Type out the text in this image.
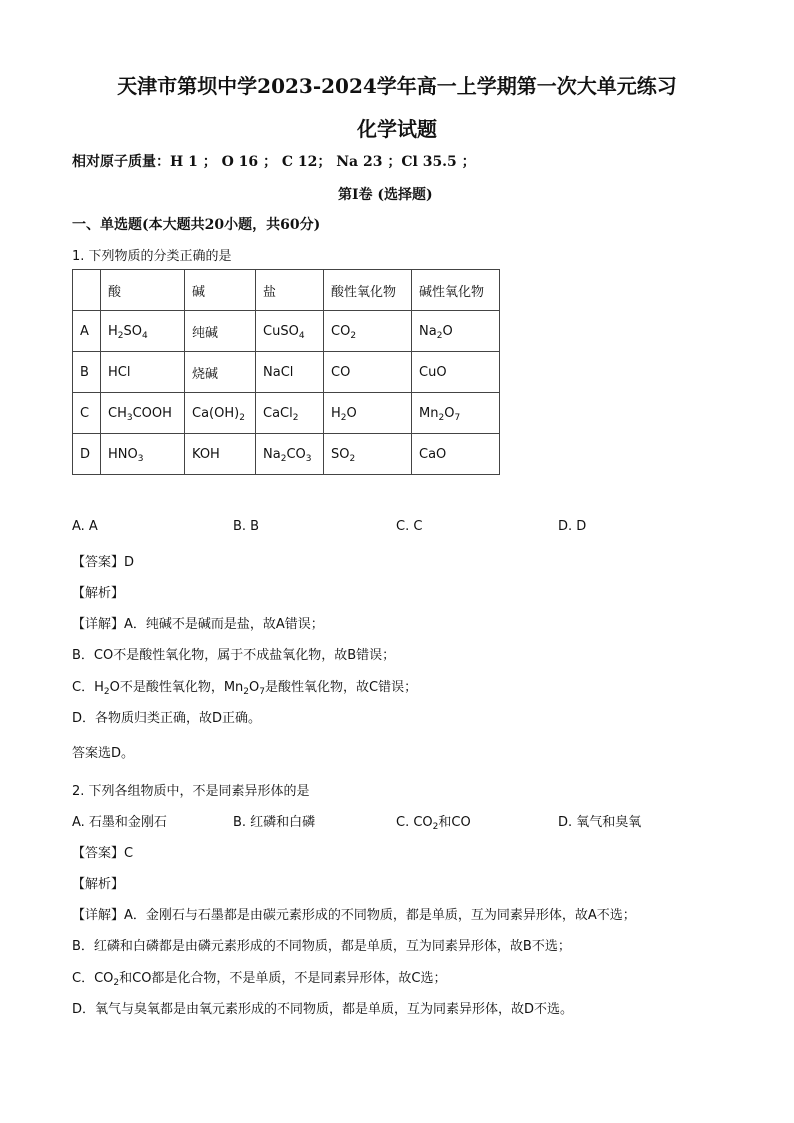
天津市第坝中学2023-2024学年高一上学期第一次大单元练习
化学试题
相对原子质量：H 1 ； O 16 ； C 12； Na 23 ；Cl 35.5 ；
第Ⅰ卷 (选择题)
一、单选题(本大题共20小题，共60分)
1. 下列物质的分类正确的是
	酸	碱	盐	酸性氧化物	碱性氧化物
A	$H_2SO_4$	纯碱	CuSO$_4$	$CO_2$	$Na_2O$
B	HCl	烧碱	NaCl	CO	CuO
C	$CH_3COOH$	$Ca(OH)_2$	CaCl$_2$	$H_2O$	$Mn_2O_7$
D	$HNO_3$	KOH	$Na_2CO_3$	$SO_2$	CaO
A. A	B. B	C. C	D. D
【答案】D
【解析】
【详解】A．纯碱不是碱而是盐，故A错误；
B．CO不是酸性氧化物，属于不成盐氧化物，故B错误；
C．$H_2O$不是酸性氧化物，$Mn_2O_7$是酸性氧化物，故C错误；
D．各物质归类正确，故D正确。
答案选D。
2. 下列各组物质中，不是同素异形体的是
A. 石墨和金刚石	B. 红磷和白磷	C. $CO_2$和CO	D. 氧气和臭氧
【答案】C
【解析】
【详解】A．金刚石与石墨都是由碳元素形成的不同物质，都是单质，互为同素异形体，故A不选；
B．红磷和白磷都是由磷元素形成的不同物质，都是单质，互为同素异形体，故B不选；
C．$CO_2$和CO都是化合物，不是单质，不是同素异形体，故C选；
D．氧气与臭氧都是由氧元素形成的不同物质，都是单质，互为同素异形体，故D不选。
